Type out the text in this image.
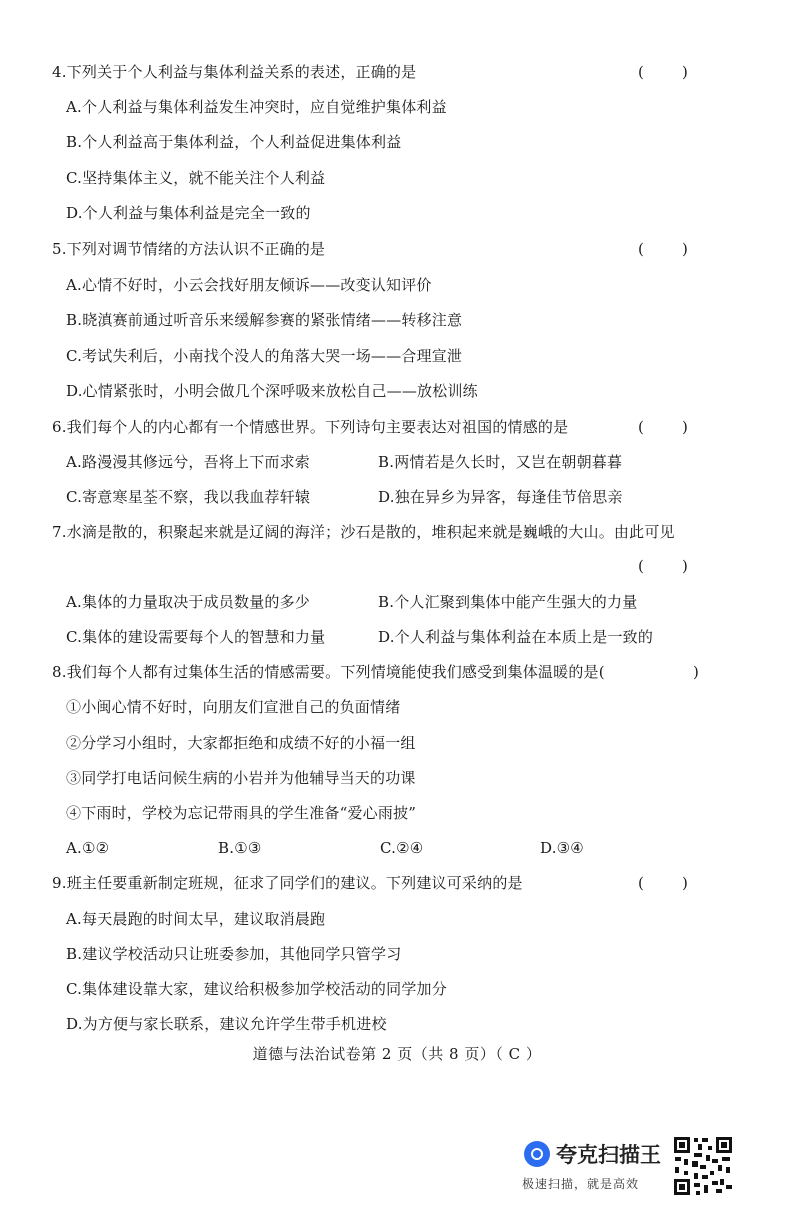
4.下列关于个人利益与集体利益关系的表述，正确的是	(        )
A.个人利益与集体利益发生冲突时，应自觉维护集体利益
B.个人利益高于集体利益，个人利益促进集体利益
C.坚持集体主义，就不能关注个人利益
D.个人利益与集体利益是完全一致的
5.下列对调节情绪的方法认识不正确的是	(        )
A.心情不好时，小云会找好朋友倾诉——改变认知评价
B.晓滇赛前通过听音乐来缓解参赛的紧张情绪——转移注意
C.考试失利后，小南找个没人的角落大哭一场——合理宣泄
D.心情紧张时，小明会做几个深呼吸来放松自己——放松训练
6.我们每个人的内心都有一个情感世界。下列诗句主要表达对祖国的情感的是	(        )
A.路漫漫其修远兮，吾将上下而求索	B.两情若是久长时，又岂在朝朝暮暮
C.寄意寒星荃不察，我以我血荐轩辕	D.独在异乡为异客，每逢佳节倍思亲
7.水滴是散的，积聚起来就是辽阔的海洋；沙石是散的，堆积起来就是巍峨的大山。由此可见
(        )
A.集体的力量取决于成员数量的多少	B.个人汇聚到集体中能产生强大的力量
C.集体的建设需要每个人的智慧和力量	D.个人利益与集体利益在本质上是一致的
8.我们每个人都有过集体生活的情感需要。下列情境能使我们感受到集体温暖的是(	)
①小闽心情不好时，向朋友们宣泄自己的负面情绪
②分学习小组时，大家都拒绝和成绩不好的小福一组
③同学打电话问候生病的小岩并为他辅导当天的功课
④下雨时，学校为忘记带雨具的学生准备“爱心雨披”
A.①②	B.①③	C.②④	D.③④
9.班主任要重新制定班规，征求了同学们的建议。下列建议可采纳的是	(        )
A.每天晨跑的时间太早，建议取消晨跑
B.建议学校活动只让班委参加，其他同学只管学习
C.集体建设靠大家，建议给积极参加学校活动的同学加分
D.为方便与家长联系，建议允许学生带手机进校
道德与法治试卷第 2 页（共 8 页）（ C ）
夸克扫描王
极速扫描，就是高效
